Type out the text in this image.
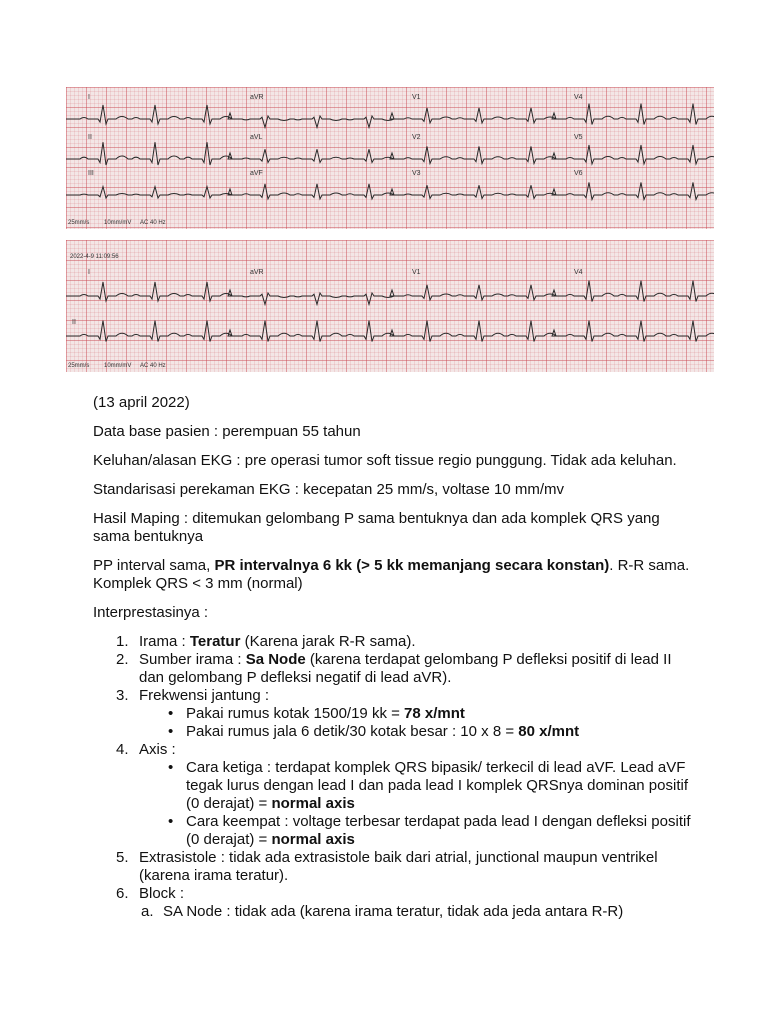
I	aVR	V1	V4
II	aVL	V2	V5
III	aVF	V3	V6
25mm/s 10mm/mV AC 40 Hz
2022-4-9 11:09:56
I	aVR	V1	V4
II
25mm/s 10mm/mV AC 40 Hz

(13 april 2022)

Data base pasien : perempuan 55 tahun

Keluhan/alasan EKG : pre operasi tumor soft tissue regio punggung. Tidak ada keluhan.

Standarisasi perekaman EKG : kecepatan 25 mm/s, voltase 10 mm/mv

Hasil Maping : ditemukan gelombang P sama bentuknya dan ada komplek QRS yang sama bentuknya

PP interval sama, PR intervalnya 6 kk (> 5 kk memanjang secara konstan). R-R sama. Komplek QRS < 3 mm (normal)

Interprestasinya :

1. Irama : Teratur (Karena jarak R-R sama).
2. Sumber irama : Sa Node (karena terdapat gelombang P defleksi positif di lead II dan gelombang P defleksi negatif di lead aVR).
3. Frekwensi jantung :
• Pakai rumus kotak 1500/19 kk = 78 x/mnt
• Pakai rumus jala 6 detik/30 kotak besar : 10 x 8 = 80 x/mnt
4. Axis :
• Cara ketiga : terdapat komplek QRS bipasik/ terkecil di lead aVF. Lead aVF tegak lurus dengan lead I dan pada lead I komplek QRSnya dominan positif (0 derajat) = normal axis
• Cara keempat : voltage terbesar terdapat pada lead I dengan defleksi positif (0 derajat) = normal axis
5. Extrasistole : tidak ada extrasistole baik dari atrial, junctional maupun ventrikel (karena irama teratur).
6. Block :
a. SA Node : tidak ada (karena irama teratur, tidak ada jeda antara R-R)
